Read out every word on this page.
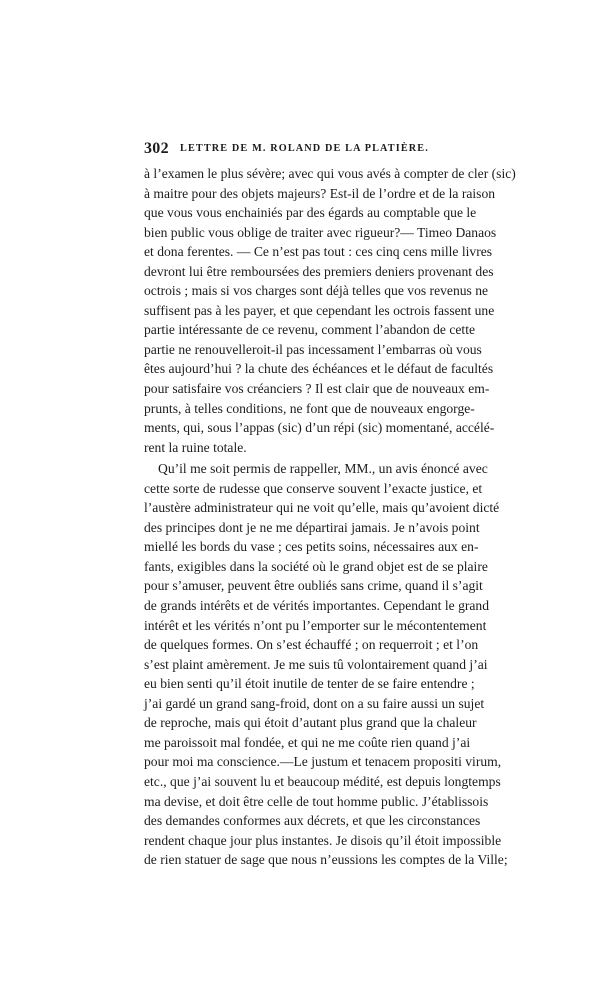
302 LETTRE DE M. ROLAND DE LA PLATIÈRE.
à l’examen le plus sévère; avec qui vous avés à compter de cler (sic)
à maitre pour des objets majeurs? Est-il de l’ordre et de la raison
que vous vous enchainiés par des égards au comptable que le
bien public vous oblige de traiter avec rigueur?— Timeo Danaos
et dona ferentes. — Ce n’est pas tout : ces cinq cens mille livres
devront lui être remboursées des premiers deniers provenant des
octrois ; mais si vos charges sont déjà telles que vos revenus ne
suffisent pas à les payer, et que cependant les octrois fassent une
partie intéressante de ce revenu, comment l’abandon de cette
partie ne renouvelleroit-il pas incessament l’embarras où vous
êtes aujourd’hui ? la chute des échéances et le défaut de facultés
pour satisfaire vos créanciers ? Il est clair que de nouveaux em-
prunts, à telles conditions, ne font que de nouveaux engorge-
ments, qui, sous l’appas (sic) d’un répi (sic) momentané, accélé-
rent la ruine totale.
Qu’il me soit permis de rappeller, MM., un avis énoncé avec
cette sorte de rudesse que conserve souvent l’exacte justice, et
l’austère administrateur qui ne voit qu’elle, mais qu’avoient dicté
des principes dont je ne me départirai jamais. Je n’avois point
miellé les bords du vase ; ces petits soins, nécessaires aux en-
fants, exigibles dans la société où le grand objet est de se plaire
pour s’amuser, peuvent être oubliés sans crime, quand il s’agit
de grands intérêts et de vérités importantes. Cependant le grand
intérêt et les vérités n’ont pu l’emporter sur le mécontentement
de quelques formes. On s’est échauffé ; on requerroit ; et l’on
s’est plaint amèrement. Je me suis tû volontairement quand j’ai
eu bien senti qu’il étoit inutile de tenter de se faire entendre ;
j’ai gardé un grand sang-froid, dont on a su faire aussi un sujet
de reproche, mais qui étoit d’autant plus grand que la chaleur
me paroissoit mal fondée, et qui ne me coûte rien quand j’ai
pour moi ma conscience.—Le justum et tenacem propositi virum,
etc., que j’ai souvent lu et beaucoup médité, est depuis longtemps
ma devise, et doit être celle de tout homme public. J’établissois
des demandes conformes aux décrets, et que les circonstances
rendent chaque jour plus instantes. Je disois qu’il étoit impossible
de rien statuer de sage que nous n’eussions les comptes de la Ville;
